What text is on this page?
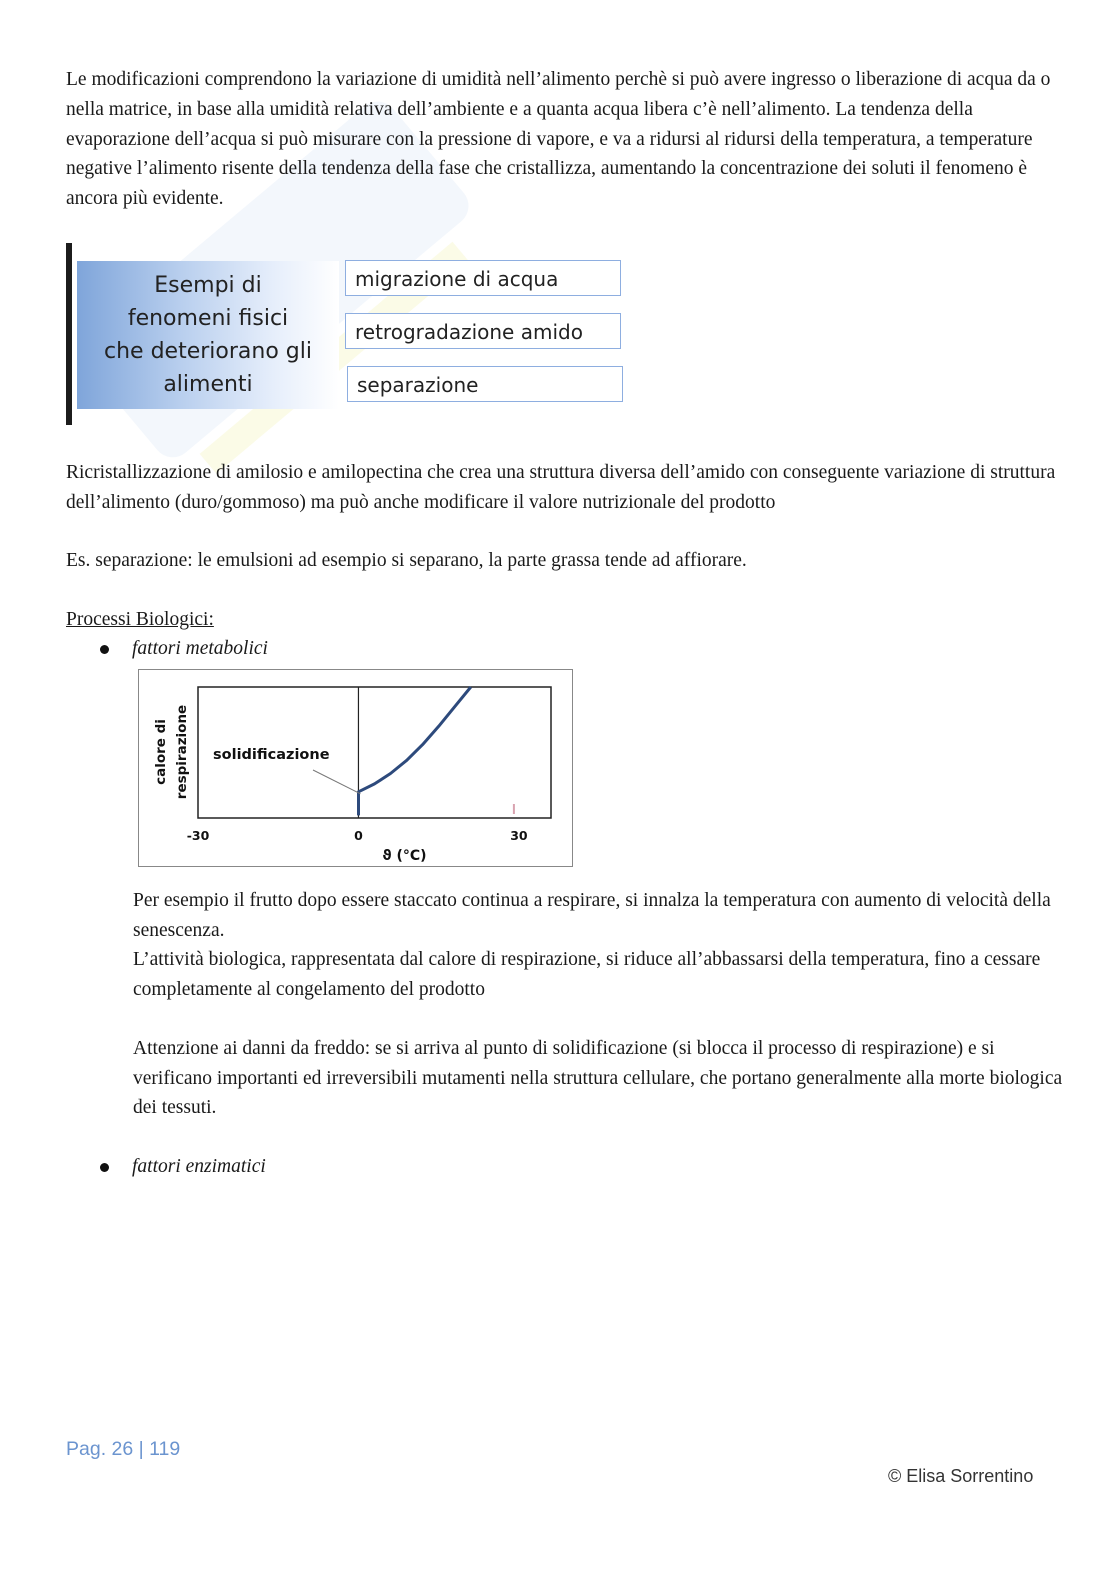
Le modificazioni comprendono la variazione di umidità nell’alimento perchè si può avere ingresso o liberazione di acqua da o nella matrice, in base alla umidità relativa dell’ambiente e a quanta acqua libera c’è nell’alimento. La tendenza della evaporazione dell’acqua si può misurare con la pressione di vapore, e va a ridursi al ridursi della temperatura, a temperature negative l’alimento risente della tendenza della fase che cristallizza, aumentando la concentrazione dei soluti il fenomeno è ancora più evidente.

Esempi di
fenomeni fisici
che deteriorano gli
alimenti
migrazione di acqua
retrogradazione amido
separazione

Ricristallizzazione di amilosio e amilopectina che crea una struttura diversa dell’amido con conseguente variazione di struttura dell’alimento (duro/gommoso) ma può anche modificare il valore nutrizionale del prodotto

Es. separazione: le emulsioni ad esempio si separano, la parte grassa tende ad affiorare.

Processi Biologici:
fattori metabolici
calore di respirazione solidificazione
-30	0	30
ϑ (°C)

Per esempio il frutto dopo essere staccato continua a respirare, si innalza la temperatura con aumento di velocità della senescenza.

L’attività biologica, rappresentata dal calore di respirazione, si riduce all’abbassarsi della temperatura, fino a cessare completamente al congelamento del prodotto

Attenzione ai danni da freddo: se si arriva al punto di solidificazione (si blocca il processo di respirazione) e si verificano importanti ed irreversibili mutamenti nella struttura cellulare, che portano generalmente alla morte biologica dei tessuti.

fattori enzimatici
Pag. 26 | 119
© Elisa Sorrentino
